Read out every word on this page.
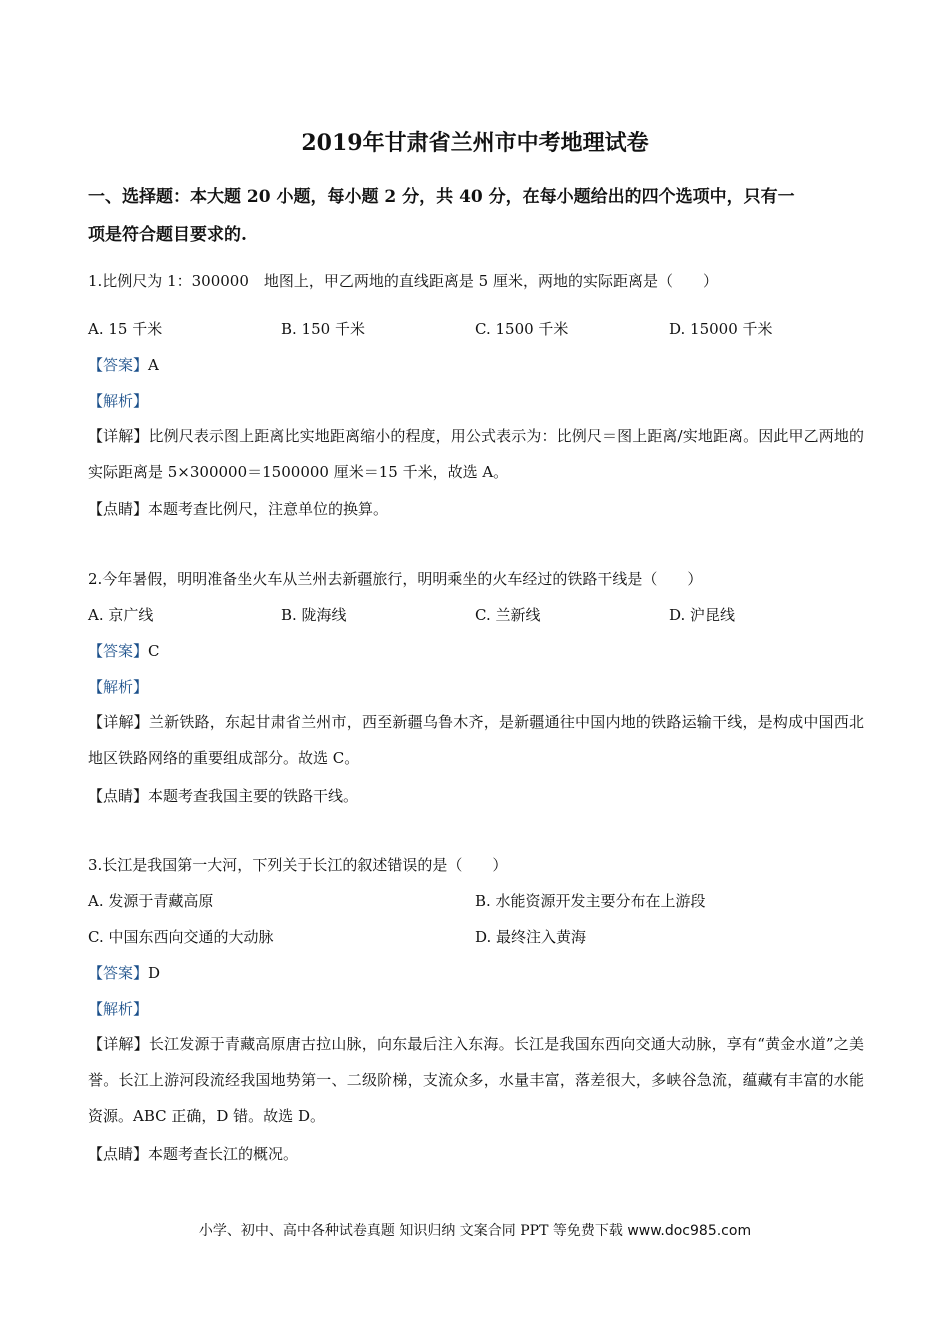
2019年甘肃省兰州市中考地理试卷
一、选择题：本大题 20 小题，每小题 2 分，共 40 分，在每小题给出的四个选项中，只有一
项是符合题目要求的.
1.比例尺为 1：300000　地图上，甲乙两地的直线距离是 5 厘米，两地的实际距离是（　　）
A. 15 千米	B. 150 千米	C. 1500 千米	D. 15000 千米
【答案】A
【解析】
【详解】比例尺表示图上距离比实地距离缩小的程度，用公式表示为：比例尺＝图上距离/实地距离。因此甲乙两地的实际距离是 5×300000＝1500000 厘米＝15 千米，故选 A。
【点睛】本题考查比例尺，注意单位的换算。
2.今年暑假，明明准备坐火车从兰州去新疆旅行，明明乘坐的火车经过的铁路干线是（　　）
A. 京广线	B. 陇海线	C. 兰新线	D. 沪昆线
【答案】C
【解析】
【详解】兰新铁路，东起甘肃省兰州市，西至新疆乌鲁木齐，是新疆通往中国内地的铁路运输干线，是构成中国西北地区铁路网络的重要组成部分。故选 C。
【点睛】本题考查我国主要的铁路干线。
3.长江是我国第一大河，下列关于长江的叙述错误的是（　　）
A. 发源于青藏高原	B. 水能资源开发主要分布在上游段
C. 中国东西向交通的大动脉	D. 最终注入黄海
【答案】D
【解析】
【详解】长江发源于青藏高原唐古拉山脉，向东最后注入东海。长江是我国东西向交通大动脉，享有“黄金水道”之美誉。长江上游河段流经我国地势第一、二级阶梯，支流众多，水量丰富，落差很大，多峡谷急流，蕴藏有丰富的水能资源。ABC 正确，D 错。故选 D。
【点睛】本题考查长江的概况。
小学、初中、高中各种试卷真题 知识归纳 文案合同 PPT 等免费下载 www.doc985.com
